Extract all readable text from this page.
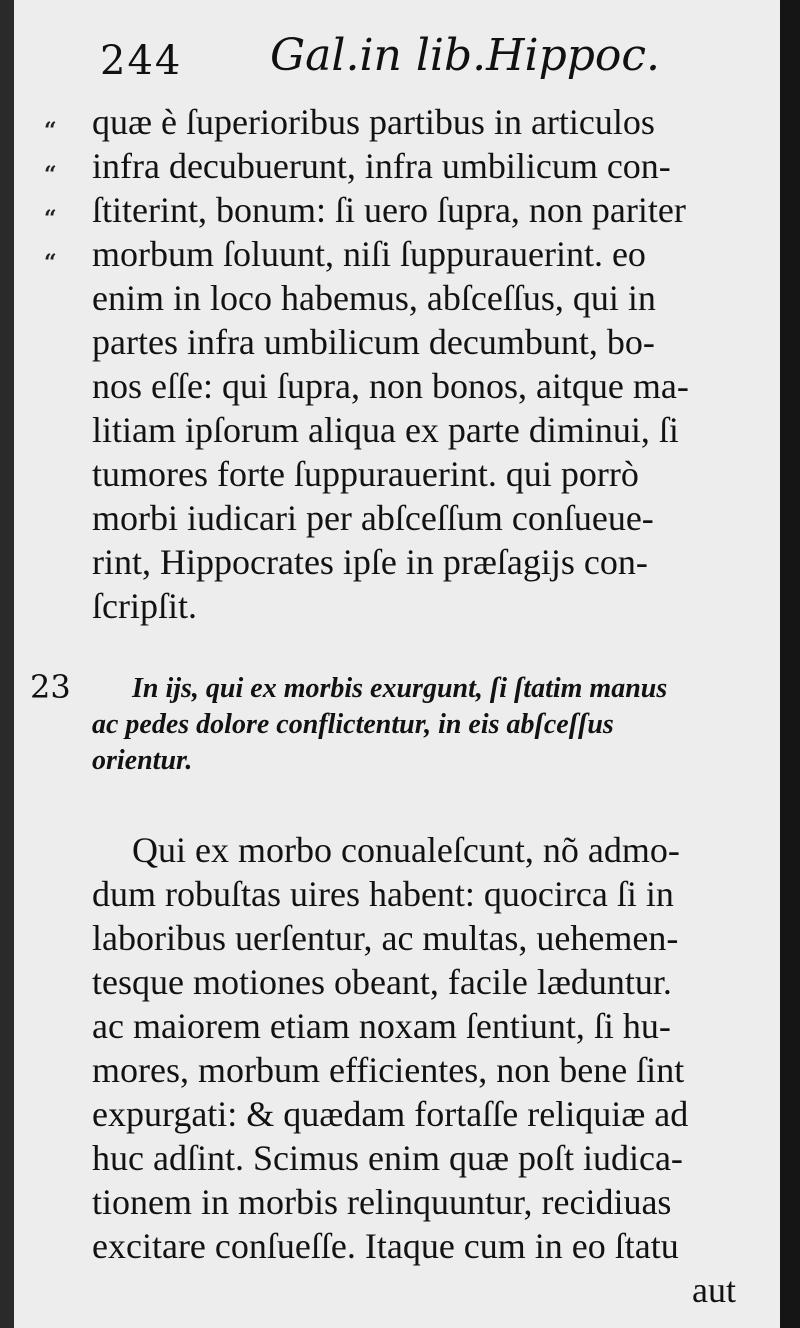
244 Gal.in lib.Hippoc.
“
“
“
“
quæ è ſuperioribus partibus in articulos
infra decubuerunt, infra umbilicum con-
ſtiterint, bonum: ſi uero ſupra, non pariter
morbum ſoluunt, niſi ſuppurauerint. eo
enim in loco habemus, abſceſſus, qui in
partes infra umbilicum decumbunt, bo-
nos eſſe: qui ſupra, non bonos, aitque ma-
litiam ipſorum aliqua ex parte diminui, ſi
tumores forte ſuppurauerint. qui porrò
morbi iudicari per abſceſſum conſueue-
rint, Hippocrates ipſe in præſagijs con-
ſcripſit.
23 In ijs, qui ex morbis exurgunt, ſi ſtatim manus
ac pedes dolore conflictentur, in eis abſceſſus
orientur.
Qui ex morbo conualeſcunt, nõ admo-
dum robuſtas uires habent: quocirca ſi in
laboribus uerſentur, ac multas, uehemen-
tesque motiones obeant, facile læduntur.
ac maiorem etiam noxam ſentiunt, ſi hu-
mores, morbum efficientes, non bene ſint
expurgati: & quædam fortaſſe reliquiæ ad
huc adſint. Scimus enim quæ poſt iudica-
tionem in morbis relinquuntur, recidiuas
excitare conſueſſe. Itaque cum in eo ſtatu
aut
